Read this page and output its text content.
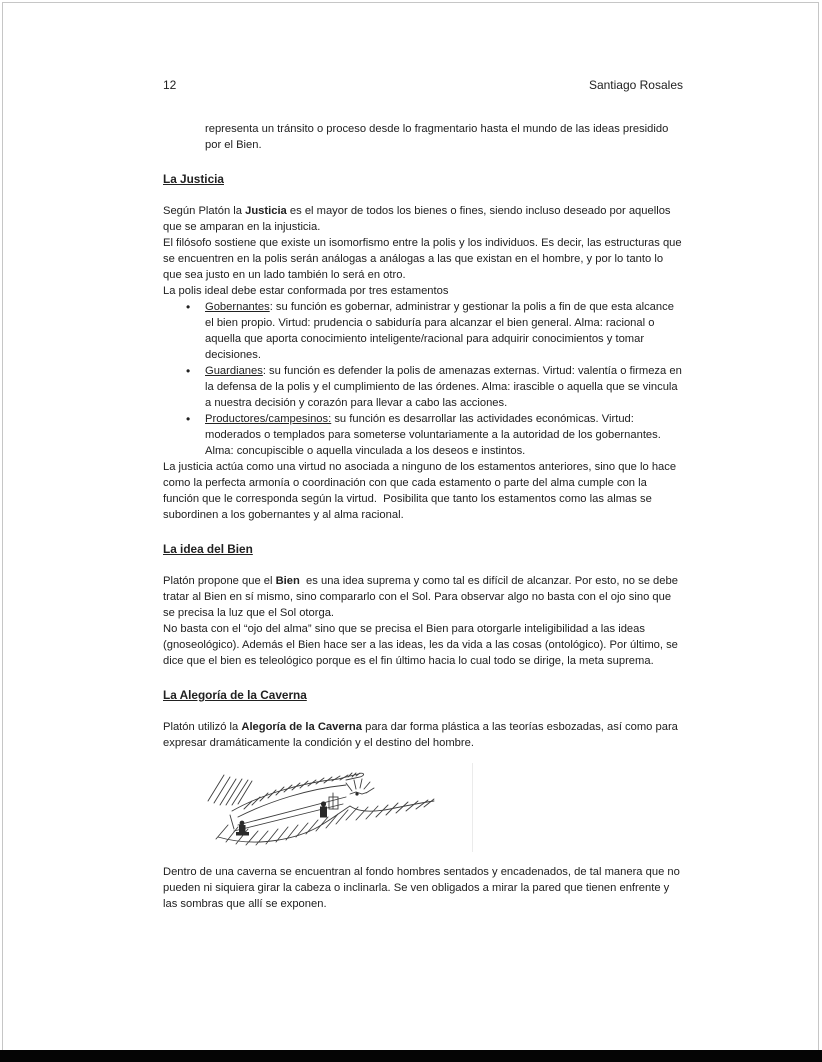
12	Santiago Rosales

representa un tránsito o proceso desde lo fragmentario hasta el mundo de las ideas presidido por el Bien.

La Justicia

Según Platón la Justicia es el mayor de todos los bienes o fines, siendo incluso deseado por aquellos que se amparan en la injusticia.

El filósofo sostiene que existe un isomorfismo entre la polis y los individuos. Es decir, las estructuras que se encuentren en la polis serán análogas a análogas a las que existan en el hombre, y por lo tanto lo que sea justo en un lado también lo será en otro.

La polis ideal debe estar conformada por tres estamentos

• Gobernantes: su función es gobernar, administrar y gestionar la polis a fin de que esta alcance el bien propio. Virtud: prudencia o sabiduría para alcanzar el bien general. Alma: racional o aquella que aporta conocimiento inteligente/racional para adquirir conocimientos y tomar decisiones.
• Guardianes: su función es defender la polis de amenazas externas. Virtud: valentía o firmeza en la defensa de la polis y el cumplimiento de las órdenes. Alma: irascible o aquella que se vincula a nuestra decisión y corazón para llevar a cabo las acciones.
• Productores/campesinos: su función es desarrollar las actividades económicas. Virtud: moderados o templados para someterse voluntariamente a la autoridad de los gobernantes. Alma: concupiscible o aquella vinculada a los deseos e instintos.

La justicia actúa como una virtud no asociada a ninguno de los estamentos anteriores, sino que lo hace como la perfecta armonía o coordinación con que cada estamento o parte del alma cumple con la función que le corresponda según la virtud.  Posibilita que tanto los estamentos como las almas se subordinen a los gobernantes y al alma racional.

La idea del Bien

Platón propone que el Bien  es una idea suprema y como tal es difícil de alcanzar. Por esto, no se debe tratar al Bien en sí mismo, sino compararlo con el Sol. Para observar algo no basta con el ojo sino que se precisa la luz que el Sol otorga.

No basta con el “ojo del alma” sino que se precisa el Bien para otorgarle inteligibilidad a las ideas (gnoseológico). Además el Bien hace ser a las ideas, les da vida a las cosas (ontológico). Por último, se dice que el bien es teleológico porque es el fin último hacia lo cual todo se dirige, la meta suprema.

La Alegoría de la Caverna

Platón utilizó la Alegoría de la Caverna para dar forma plástica a las teorías esbozadas, así como para expresar dramáticamente la condición y el destino del hombre.

Dentro de una caverna se encuentran al fondo hombres sentados y encadenados, de tal manera que no pueden ni siquiera girar la cabeza o inclinarla. Se ven obligados a mirar la pared que tienen enfrente y las sombras que allí se exponen.
